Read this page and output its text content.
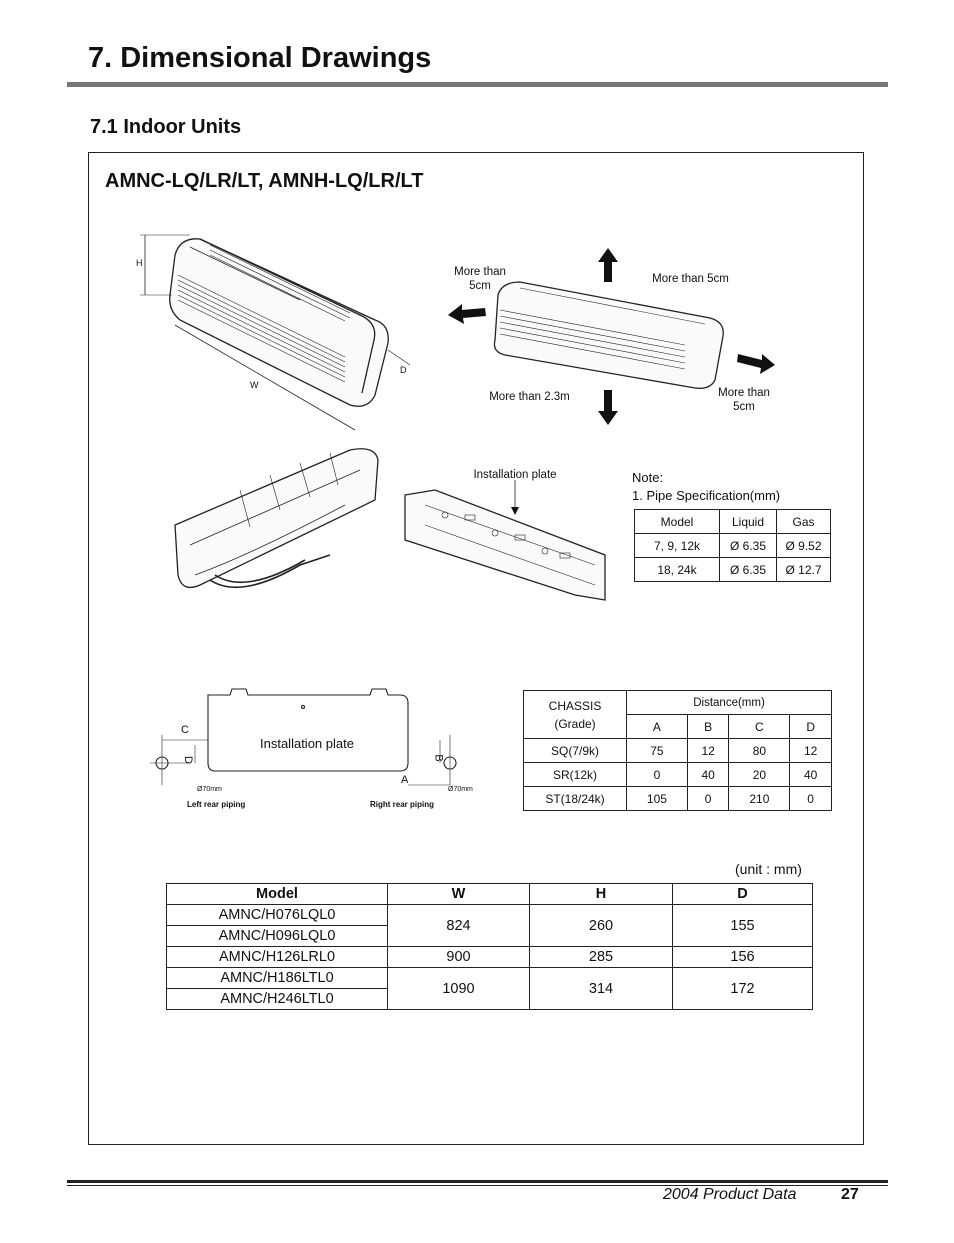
7. Dimensional Drawings
7.1 Indoor Units
AMNC-LQ/LR/LT, AMNH-LQ/LR/LT
H
D
W
More than
5cm
More than 5cm
More than 2.3m	More than
5cm
Installation plate	Note:
1. Pipe Specification(mm)
Model	Liquid	Gas
7, 9, 12k	Ø 6.35	Ø 9.52
18, 24k	Ø 6.35	Ø 12.7
Installation plate
C
D
A
B
Ø70mm	Ø70mm
Left rear piping	Right rear piping
CHASSIS
(Grade)	Distance(mm)			
	A	B	C	D
SQ(7/9k)	75	12	80	12
SR(12k)	0	40	20	40
ST(18/24k)	105	0	210	0
(unit : mm)
Model	W	H	D
AMNC/H076LQL0	824	260	155
AMNC/H096LQL0			
AMNC/H126LRL0	900	285	156
AMNC/H186LTL0	1090	314	172
AMNC/H246LTL0			
2004 Product Data	27
